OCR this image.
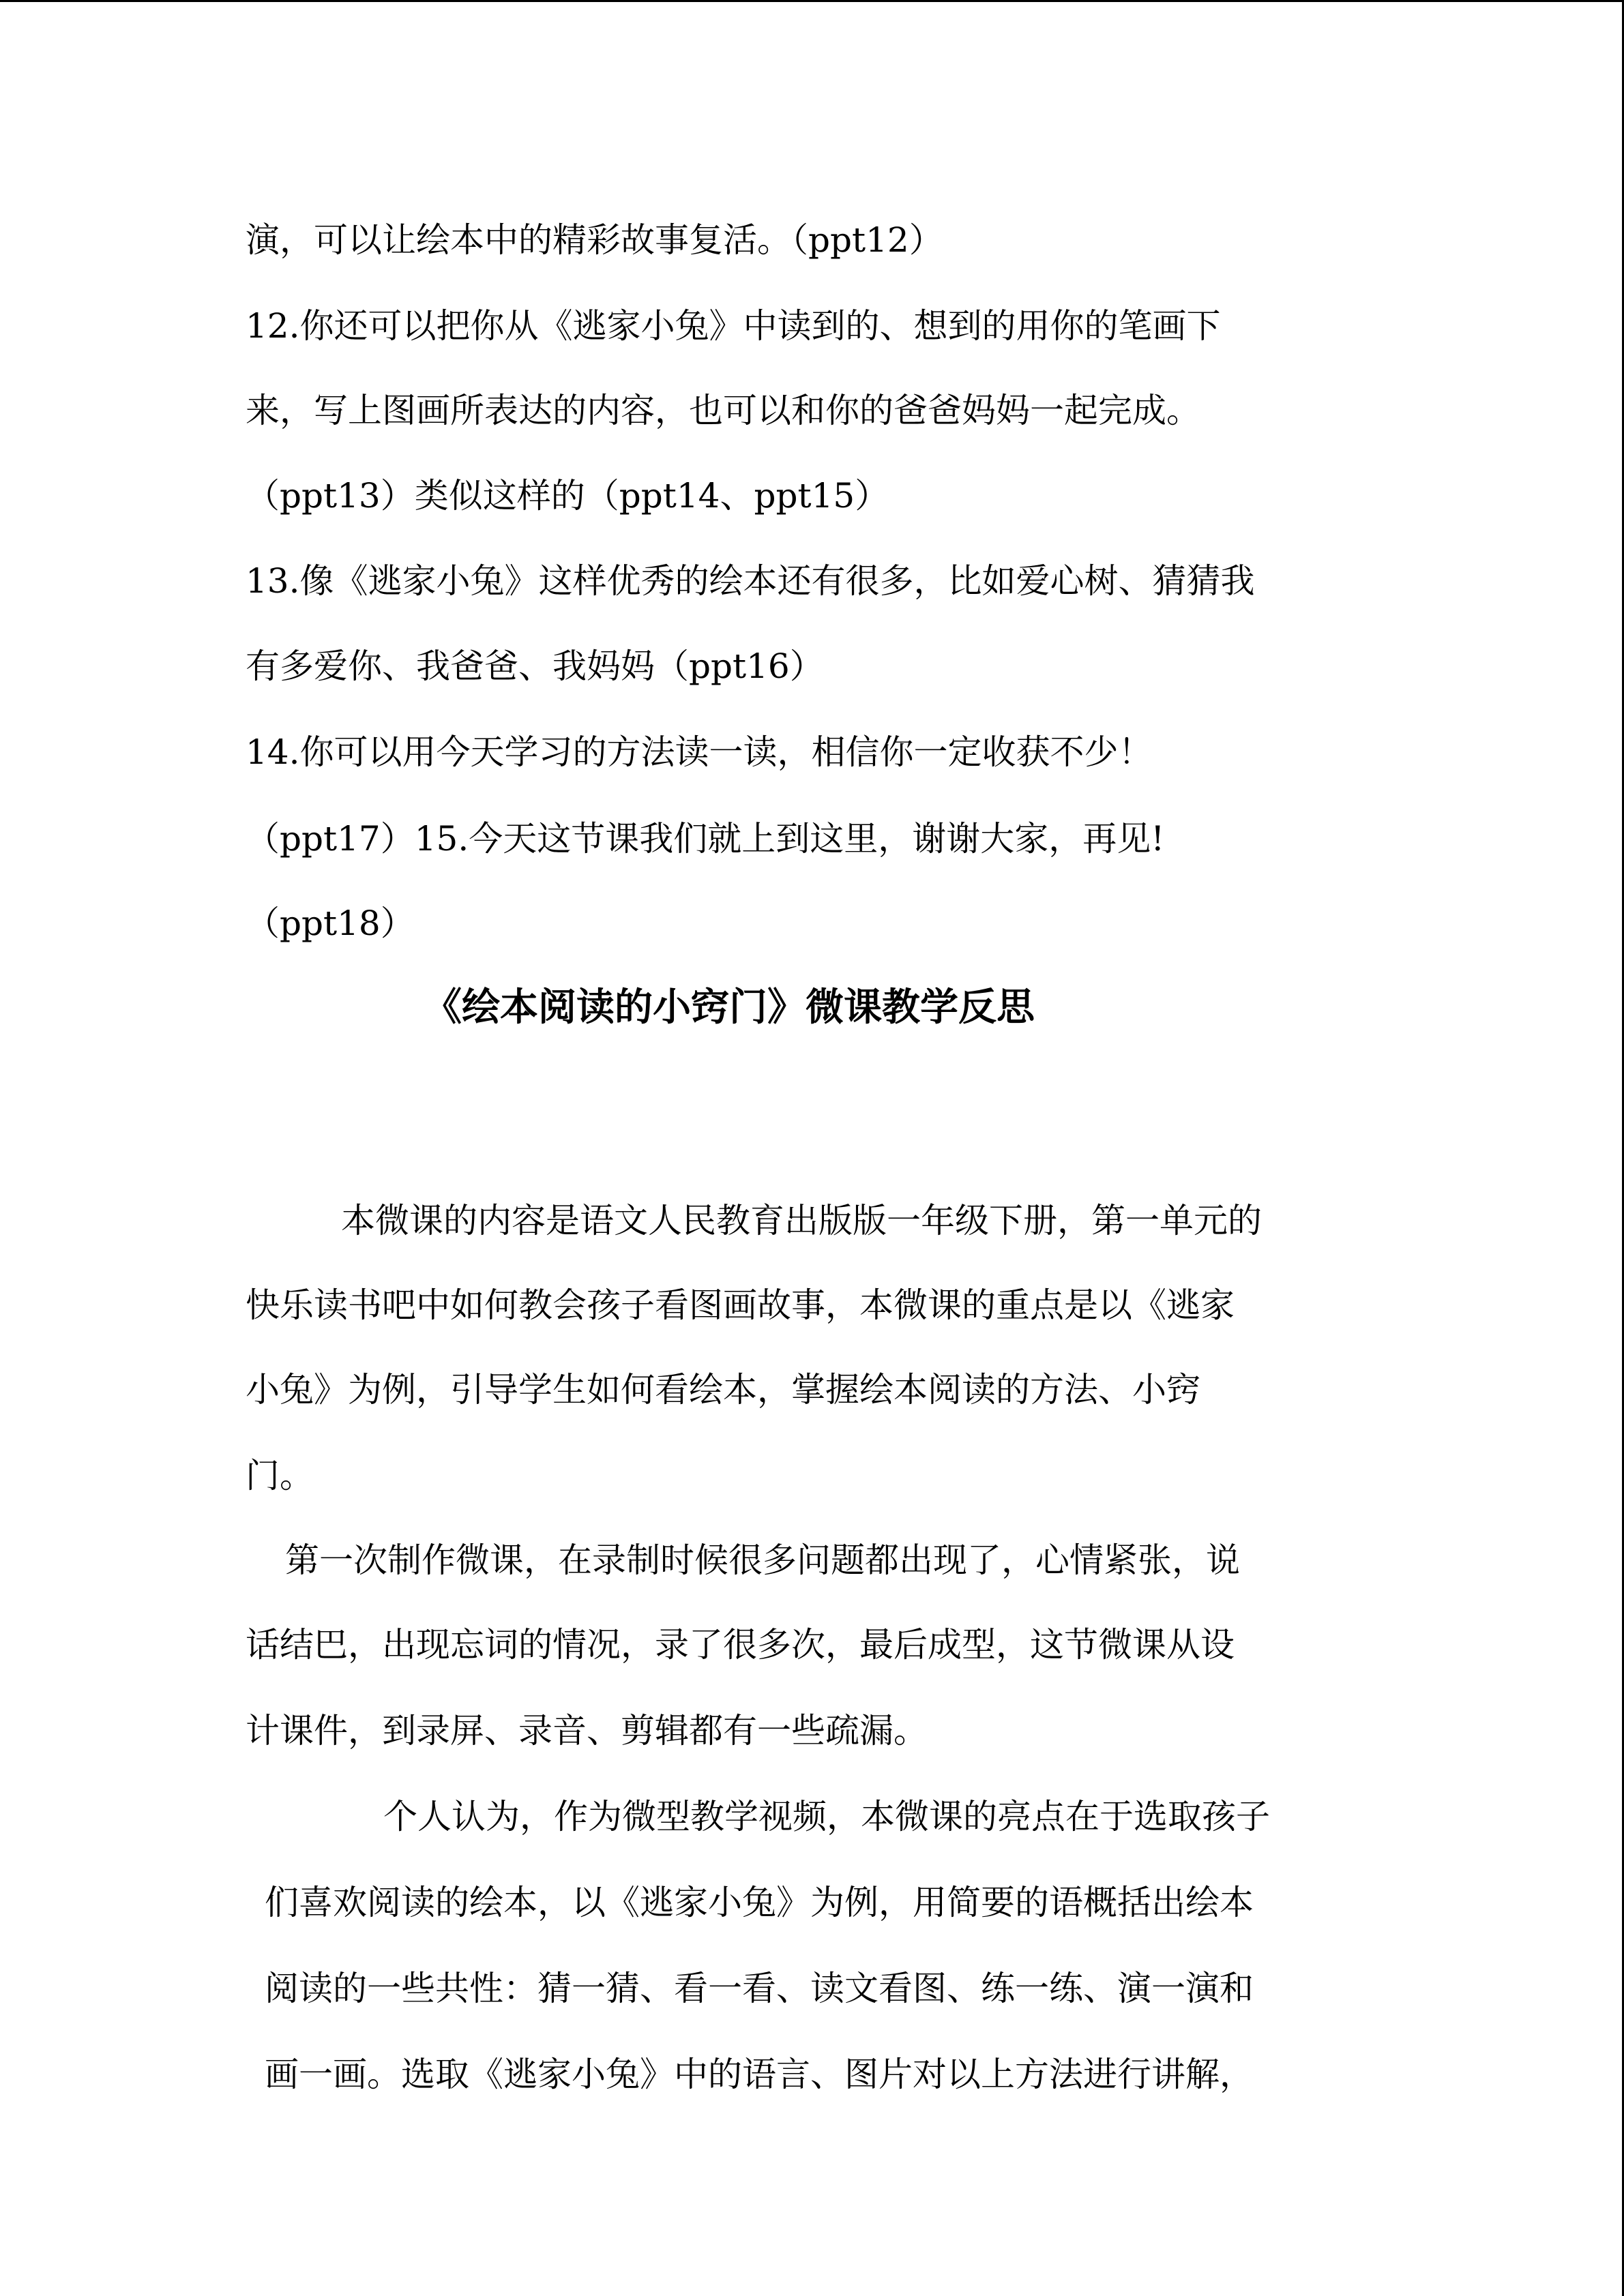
演，可以让绘本中的精彩故事复活。（ppt12）

12.你还可以把你从《逃家小兔》中读到的、想到的用你的笔画下

来，写上图画所表达的内容，也可以和你的爸爸妈妈一起完成。

（ppt13）类似这样的（ppt14、ppt15）

13.像《逃家小兔》这样优秀的绘本还有很多，比如爱心树、猜猜我

有多爱你、我爸爸、我妈妈（ppt16）

14.你可以用今天学习的方法读一读，相信你一定收获不少！

（ppt17）15.今天这节课我们就上到这里，谢谢大家，再见!

（ppt18）

《绘本阅读的小窍门》微课教学反思

本微课的内容是语文人民教育出版版一年级下册，第一单元的

快乐读书吧中如何教会孩子看图画故事，本微课的重点是以《逃家

小兔》为例，引导学生如何看绘本，掌握绘本阅读的方法、小窍

门。

第一次制作微课，在录制时候很多问题都出现了，心情紧张，说

话结巴，出现忘词的情况，录了很多次，最后成型，这节微课从设

计课件，到录屏、录音、剪辑都有一些疏漏。

个人认为，作为微型教学视频，本微课的亮点在于选取孩子

们喜欢阅读的绘本，以《逃家小兔》为例，用简要的语概括出绘本

阅读的一些共性：猜一猜、看一看、读文看图、练一练、演一演和

画一画。选取《逃家小兔》中的语言、图片对以上方法进行讲解，
